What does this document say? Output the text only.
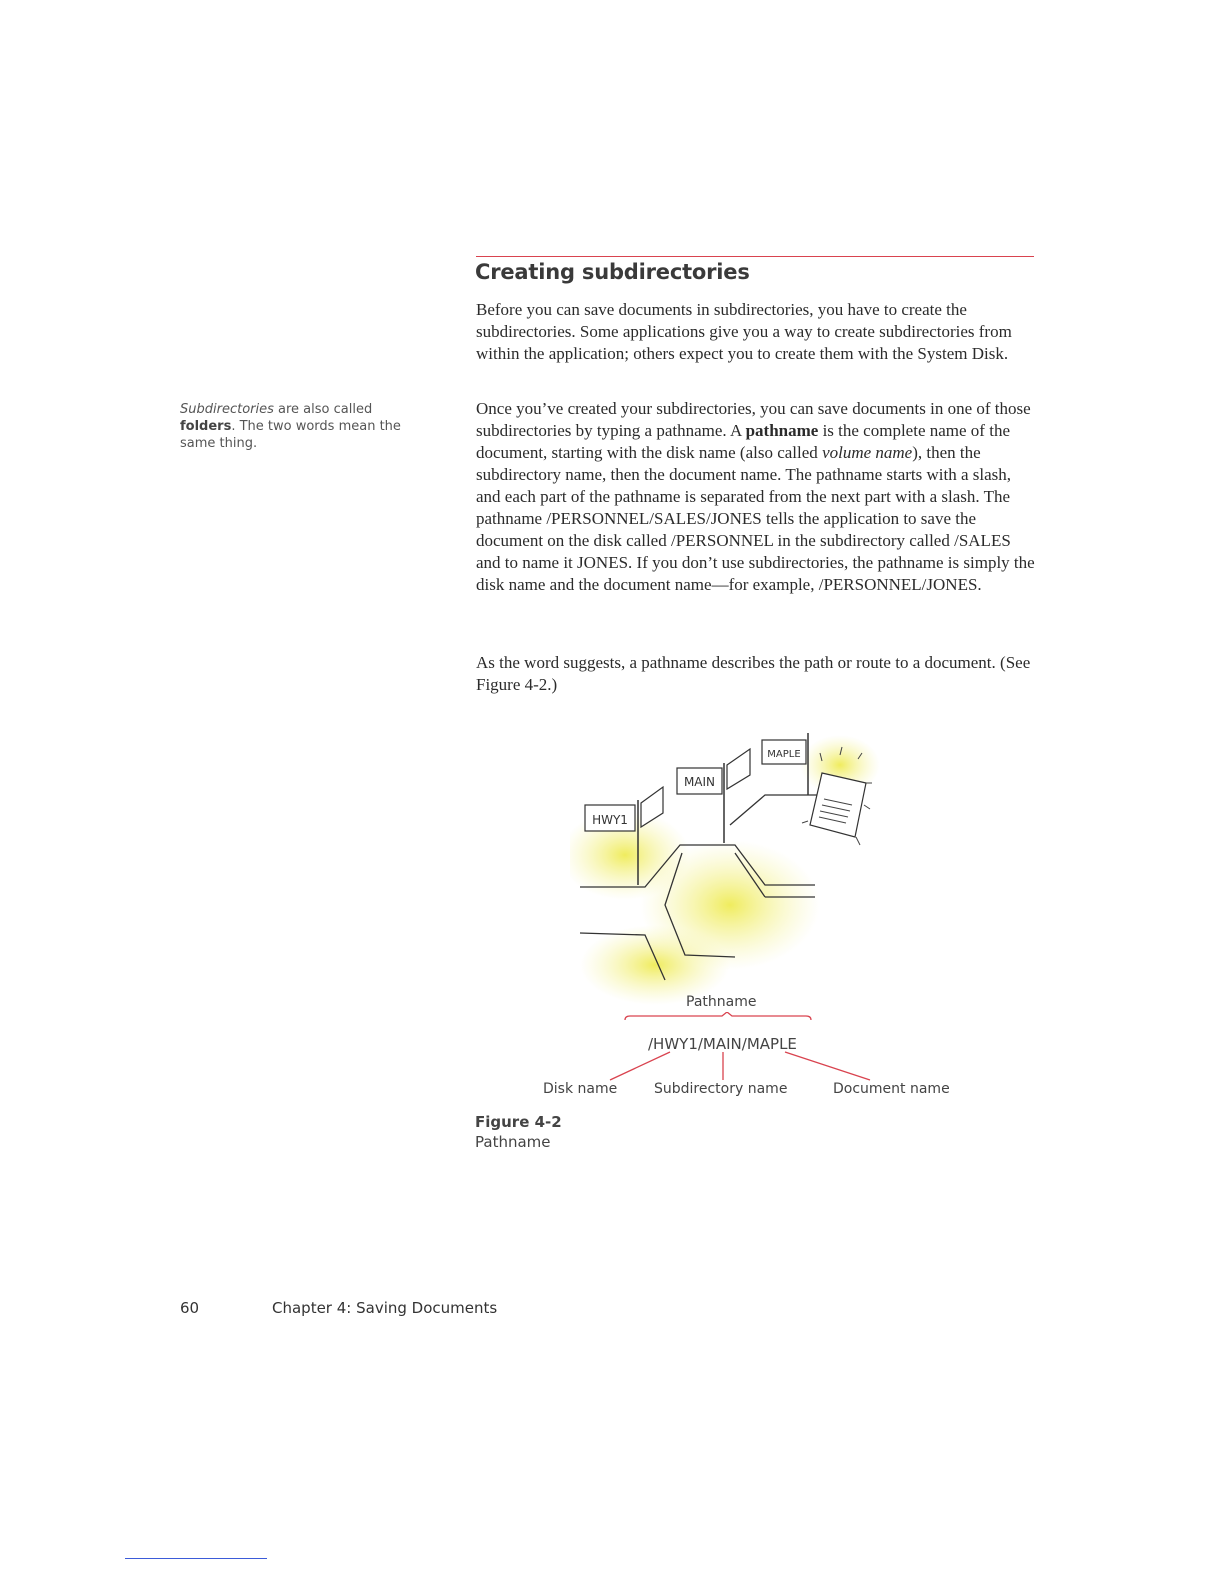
Creating subdirectories

Before you can save documents in subdirectories, you have to create the subdirectories. Some applications give you a way to create subdirectories from within the application; others expect you to create them with the System Disk.

Once you’ve created your subdirectories, you can save documents in one of those subdirectories by typing a pathname. A pathname is the complete name of the document, starting with the disk name (also called volume name), then the subdirectory name, then the document name. The pathname starts with a slash, and each part of the pathname is separated from the next part with a slash. The pathname /PERSONNEL/SALES/JONES tells the application to save the document on the disk called /PERSONNEL in the subdirectory called /SALES and to name it JONES. If you don’t use subdirectories, the pathname is simply the disk name and the document name—for example, /PERSONNEL/JONES.

As the word suggests, a pathname describes the path or route to a document. (See Figure 4-2.)

Subdirectories are also called folders. The two words mean the same thing.

HWY1
MAIN
MAPLE
Pathname
/HWY1/MAIN/MAPLE
Disk name	Subdirectory name	Document name

Figure 4-2

Pathname

60	Chapter 4: Saving Documents
